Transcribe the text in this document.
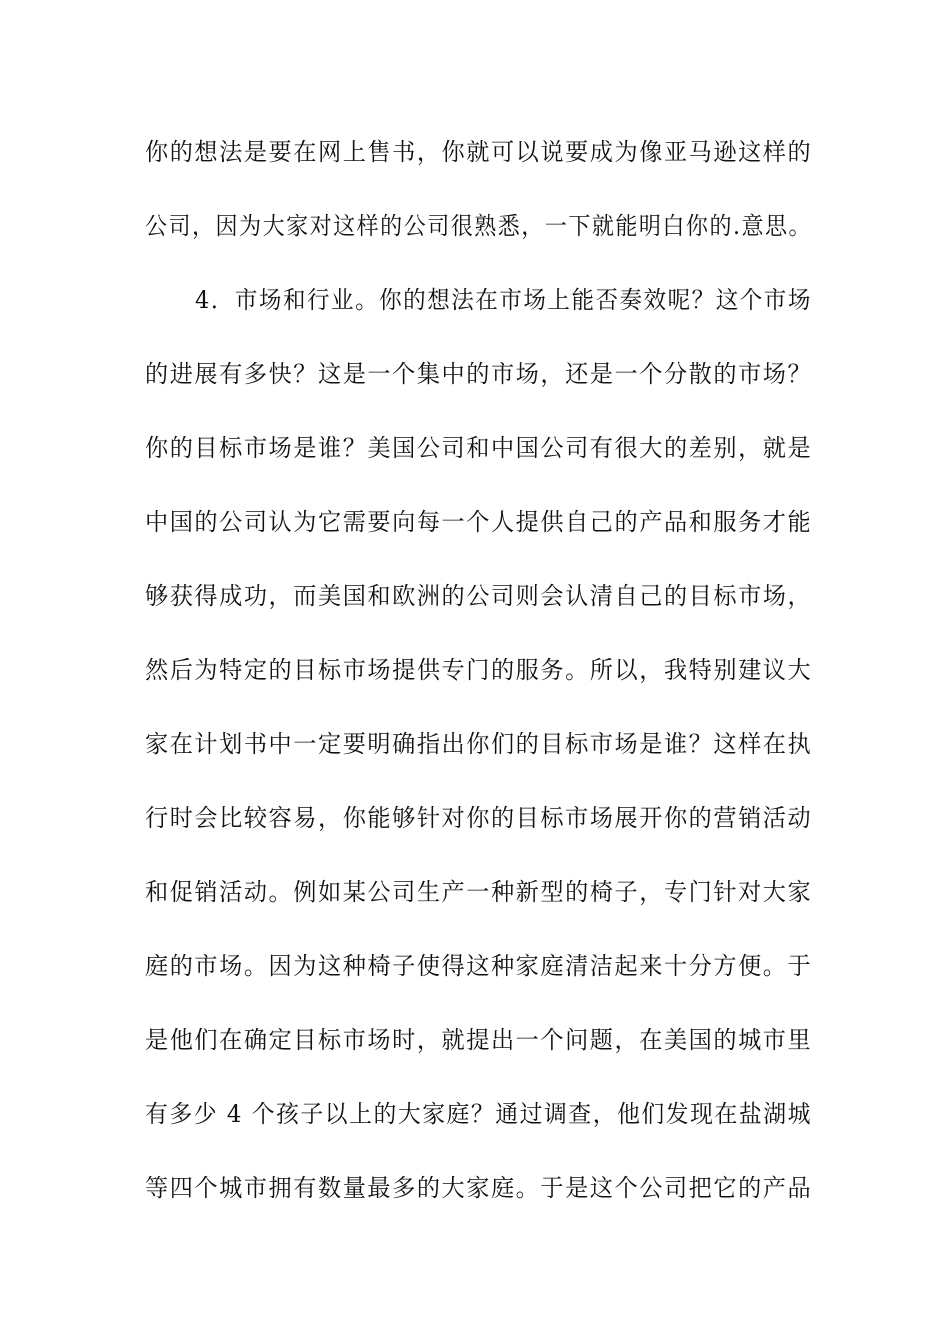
你的想法是要在网上售书，你就可以说要成为像亚马逊这样的
公司，因为大家对这样的公司很熟悉，一下就能明白你的.意思。
4．市场和行业。你的想法在市场上能否奏效呢？这个市场
的进展有多快？这是一个集中的市场，还是一个分散的市场？
你的目标市场是谁？美国公司和中国公司有很大的差别，就是
中国的公司认为它需要向每一个人提供自己的产品和服务才能
够获得成功，而美国和欧洲的公司则会认清自己的目标市场，
然后为特定的目标市场提供专门的服务。所以，我特别建议大
家在计划书中一定要明确指出你们的目标市场是谁？这样在执
行时会比较容易，你能够针对你的目标市场展开你的营销活动
和促销活动。例如某公司生产一种新型的椅子，专门针对大家
庭的市场。因为这种椅子使得这种家庭清洁起来十分方便。于
是他们在确定目标市场时，就提出一个问题，在美国的城市里
有多少 4 个孩子以上的大家庭？通过调查，他们发现在盐湖城
等四个城市拥有数量最多的大家庭。于是这个公司把它的产品
